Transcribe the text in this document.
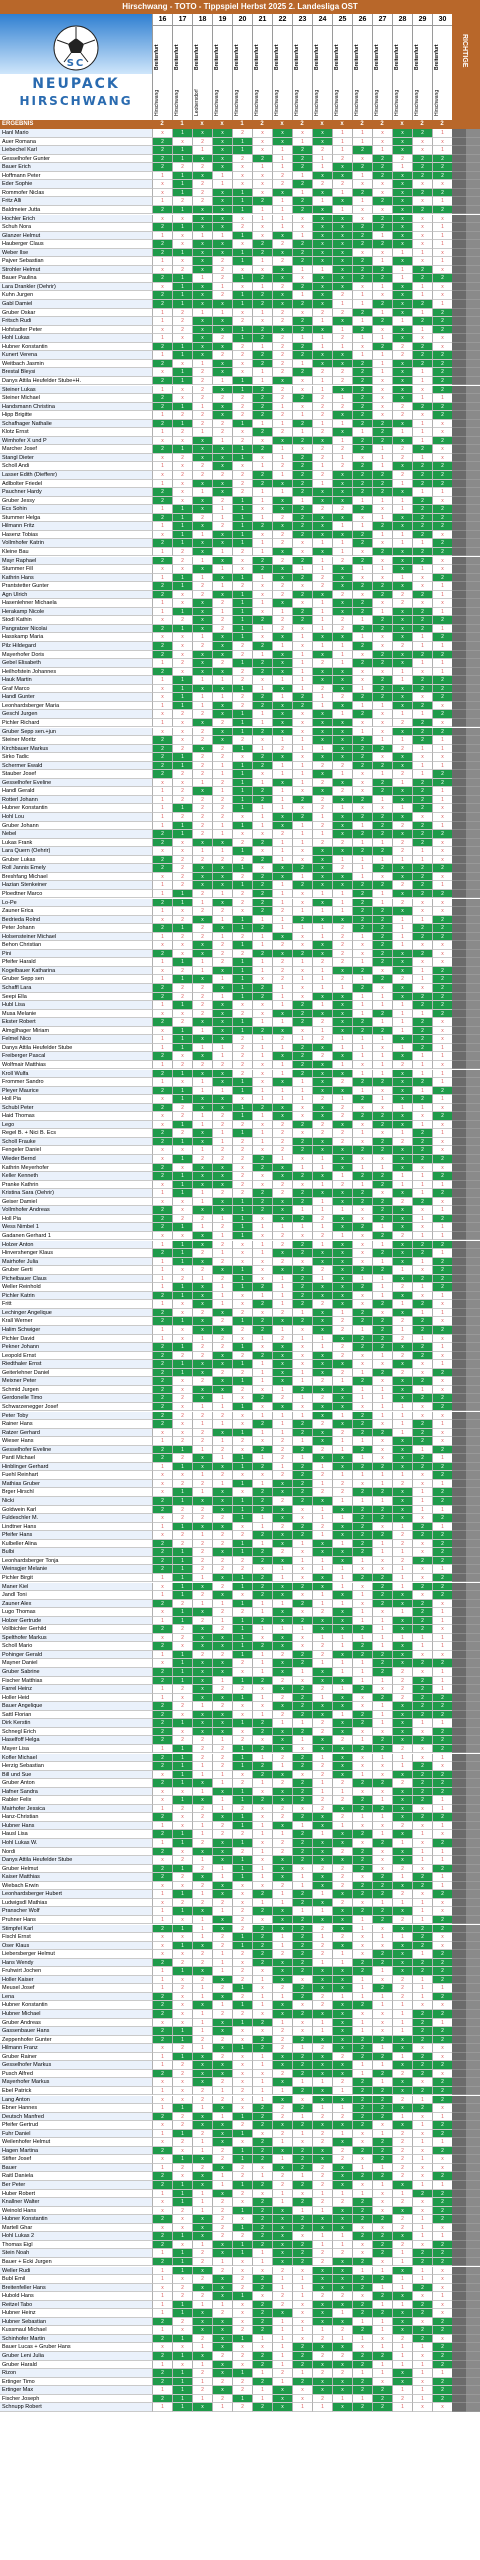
Hirschwang - TOTO - Tippspiel Herbst 2025 2. Landesliga OST
SC
NEUPACK
HIRSCHWANG
16
Breitenfurt
Hirschwang
17
Breitenfurt
Hirschwang
18
Breitenfurt
Leobersdorf
19
Breitenfurt
Hirschwang
20
Breitenfurt
Hirschwang
21
Breitenfurt
Hirschwang
22
Breitenfurt
Hirschwang
23
Breitenfurt
Hirschwang
24
Breitenfurt
Hirschwang
25
Breitenfurt
Hirschwang
26
Breitenfurt
Hirschwang
27
Breitenfurt
Hirschwang
28
Breitenfurt
Hirschwang
29
Breitenfurt
Hirschwang
30
Breitenfurt
Hirschwang
RICHTIGE
ERGEBNIS	2	1	x	x	1	2	x	2	x	x	2	2	x	2	2
Hanl Mario	x	1	x	x	2	x	x	x	x	1	1	x	x	2	1
Auer Romana	2	x	2	x	1	x	x	1	x	1	1	x	x	x	x
Liebechel Karl	2	1	1	x	1	x	1	2	2	1	2	1	x	x	1
Gesselhofer Gunter	2	1	x	x	2	2	1	2	1	2	x	2	2	2	2
Bauer Erich	2	2	2	x	x	1	1	2	1	x	2	2	1	2	2
Hoffmann Peter	1	1	x	1	x	x	2	1	x	x	1	2	x	2	2
Eder Sophie	x	1	2	1	x	x	2	2	2	2	x	x	x	x	x
Rommofer Niclas	x	1	2	x	1	x	x	1	x	1	2	x	x	2	2
Fritz Alli	1	2	2	x	1	2	1	2	1	x	1	2	x	x	1
Baldmeier Jutta	2	1	x	x	1	1	1	2	x	1	x	x	x	2	2
Hochler Erich	x	x	x	x	x	1	1	x	x	x	x	2	x	x	x
Schuh Nora	2	1	x	x	2	x	1	x	x	x	2	2	x	x	1
Glanzer Helmut	1	x	1	1	1	x	x	1	x	x	2	1	x	x	1
Hauberger Claus	2	x	x	x	x	2	2	2	x	x	2	2	x	x	1
Weber Ilse	2	1	x	x	1	2	x	2	x	x	x	x	1	1	x
Pajver Sebastian	1	x	x	2	1	1	2	2	x	x	2	1	x	x	1
Strohler Helmut	x	2	x	2	x	x	x	1	1	x	2	2	1	2	x
Bauer Paulina	2	1	1	2	1	2	x	x	x	x	2	2	1	2	2
Lara Drankler (Oehrir)	x	1	x	1	x	1	2	2	x	x	x	1	x	1	x
Kuhn Jurgen	2	1	x	2	1	2	x	1	x	2	1	x	x	1	x
Gabl Damiel	2	1	x	x	1	2	x	2	x	1	1	2	x	2	1
Gruber Oskar	1	2	1	1	x	1	2	x	2	2	2	1	x	1	2
Fritsch Rudi	1	2	x	x	2	x	2	2	1	x	1	2	1	2	2
Hofstadter Peter	x	2	x	x	1	2	x	2	x	1	2	x	x	1	2
Hohl Lukas	1	x	x	2	1	2	2	1	1	2	1	1	x	x	x
Hubner Konstantin	2	1	x	x	2	1	2	2	1	1	x	2	2	2	x
Kunert Verena	1	1	x	2	2	2	2	2	x	x	1	1	2	2	2
Weitbach Jasmin	2	x	1	x	x	2	2	1	x	x	2	1	x	2	2
Brestal Bleysi	x	1	2	x	x	1	2	2	2	2	2	1	x	1	2
Danys Attila Heufelder Stube+H.	2	1	2	1	1	1	x	x	1	2	2	x	x	1	2
Steiner Lukas	1	x	2	x	1	2	2	x	1	x	2	x	x	x	2
Steiner Michael	2	x	2	2	2	2	2	2	2	1	2	x	x	1	1
Handsmann Christina	2	1	1	x	2	2	1	x	2	2	2	x	2	2	2
Hipp Brigitte	1	2	2	x	2	2	2	1	2	x	2	x	2	x	2
Schafhager Nathalie	2	1	2	2	1	1	1	2	1	1	2	2	x	1	x
Klotz Ernst	1	2	1	2	x	2	2	1	2	x	1	2	1	1	x
Wimhofer X und P	x	x	x	1	2	x	x	2	x	1	2	2	x	1	2
Marcher Josef	2	1	x	x	1	2	1	x	2	2	2	1	2	2	x
Stangl Dieter	x	2	x	x	1	x	1	2	2	1	x	1	2	1	x
Scholl Andi	1	x	2	x	x	1	2	2	1	2	2	1	x	2	2
Lasser Edith (Dieffenr)	x	2	2	2	2	2	1	2	2	x	2	2	2	2	2
Adlbolter Friedel	1	x	x	x	2	2	x	2	1	x	2	2	1	2	2
Pauchner Hardy	2	x	1	x	2	1	1	2	x	x	2	2	x	1	1
Gruber Jessy	2	x	x	2	1	1	x	1	x	x	1	1	1	2	x
Ecs Sohin	1	1	x	1	1	x	x	2	2	2	2	x	1	2	2
Stummer Helga	2	1	2	1	1	1	2	2	x	x	x	1	x	2	2
Hilmann Fritz	1	1	x	2	1	2	x	2	x	1	1	2	x	2	2
Hasenz Tobias	x	1	1	x	1	x	2	2	x	x	2	1	1	2	x
Vollmhofer Katrin	2	1	x	x	1	1	2	x	1	1	2	x	1	1	2
Kleine Bau	1	2	x	1	2	1	x	x	x	1	x	2	x	2	2
Mayr Raphael	2	2	1	x	x	2	2	2	1	2	2	x	x	2	x
Stummer Fill	x	x	x	1	x	2	x	1	1	x	1	1	x	1	x
Kathrin Hans	1	1	1	x	1	1	x	2	2	x	x	x	1	x	2
Prantstetter Gunter	2	1	2	1	2	x	2	x	2	x	2	2	x	x	1
Agn Ulrich	2	x	2	x	1	x	2	2	x	2	x	2	2	2	1
Hasenlehner Michaela	1	x	x	2	1	1	x	x	1	x	2	x	2	x	x
Herakamp Nicole	1	1	x	1	1	x	1	2	1	x	2	1	x	2	1
Stodl Kathin	x	2	x	2	1	2	2	2	1	2	1	2	x	2	2
Pangratzer Nicolai	2	1	x	2	1	1	2	x	1	2	2	2	x	2	1
Hasskamp Maria	x	x	1	x	1	x	x	1	x	x	1	x	x	1	2
Pilz Hildegard	2	x	2	x	2	2	1	x	1	1	2	x	2	1	1
Mayerhofer Doris	2	x	x	x	2	1	x	1	x	1	x	2	x	2	2
Gebel Elisabeth	1	2	x	2	1	2	x	1	2	1	2	2	x	1	1
Heilhofstein Johannes	2	x	x	x	2	2	x	1	x	x	x	x	1	x	1
Hauk Martin	1	1	1	1	2	x	1	1	x	x	x	2	1	2	2
Graf Marco	x	1	x	x	1	1	x	1	2	x	1	2	x	2	2
Handl Gunter	x	1	1	1	2	2	1	2	1	2	2	2	x	x	2
Leonhardsberger Maria	1	1	1	x	2	2	x	2	1	x	1	1	x	2	x
Geschl Jurgen	x	2	2	x	1	1	x	x	x	1	2	x	1	1	2
Pichler Richard	1	x	x	2	1	1	x	x	x	x	x	x	2	2	x
Gruber Sepp sen.+jun	x	x	2	x	1	2	x	x	x	x	1	x	x	2	2
Steiner Moritz	2	x	2	x	2	x	1	1	x	x	2	1	1	2	1
Kirchbauer Markus	2	2	x	2	1	1	2	1	1	x	2	2	2	1	1
Sirko Tadic	2	1	2	2	x	2	x	x	x	x	2	x	x	x	x
Schermer Ewald	2	1	2	1	1	2	1	1	2	2	2	2	x	1	1
Stauber Josef	2	2	2	1	1	x	1	1	x	1	x	1	2	1	2
Gesselhofer Eveline	x	x	1	2	1	1	x	1	2	x	x	2	1	2	2
Handl Gerald	1	2	x	1	1	2	1	x	x	2	x	2	x	2	1
Rotterl Johann	1	2	2	2	1	2	1	2	2	x	2	1	x	2	1
Hubner Konstantin	1	1	2	2	1	1	1	x	2	1	x	x	1	2	x
Hohl Lou	1	2	2	2	x	1	x	2	1	x	2	2	x	x	x
Gruber Johann	1	1	2	1	1	1	x	1	2	x	1	2	2	2	1
Nebel	2	1	2	1	x	x	2	1	1	x	2	2	x	2	2
Lukas Frank	2	x	x	x	2	2	1	1	2	2	1	1	2	2	x
Lara Quern (Oehrir)	x	x	1	1	1	x	1	x	x	x	2	2	2	1	x
Gruber Lukas	2	2	2	2	2	2	1	x	x	1	1	1	1	1	x
Roll Jannis Emely	2	2	x	x	1	x	x	2	x	2	1	2	x	2	2
Breshfang Michael	x	2	x	x	2	2	x	1	x	x	1	x	x	2	x
Hazian Stenkeiner	1	2	x	x	1	2	1	2	x	x	2	2	2	2	1
Ploedtner Marco	1	1	2	1	2	2	1	x	1	1	2	1	x	2	2
Lo-Pe	2	1	1	x	2	2	1	x	x	1	2	1	2	x	x
Zauner Erica	1	x	2	2	x	2	2	1	1	1	2	2	x	x	x
Bedrieda Rolnd	x	2	x	1	1	1	1	2	x	x	2	2	1	1	2
Peter Johann	2	1	2	x	1	2	1	1	1	2	2	2	1	2	2
Holsensteiner Michael	1	2	2	1	2	1	x	x	1	2	1	2	1	2	2
Behon Christian	x	x	x	2	1	1	2	x	x	2	x	2	1	x	x
Pini	2	x	x	2	2	2	x	2	x	2	x	2	x	2	x
Pfeifer Harald	1	1	1	2	1	1	2	1	2	2	1	2	x	x	x
Kogelbauer Katharina	x	2	1	x	1	1	2	x	1	x	2	x	x	1	2
Gruber Sepp sen	1	1	x	1	1	x	2	1	1	2	1	2	2	1	2
Schaffl Lara	2	2	2	x	1	2	1	x	1	1	2	x	x	x	2
Seepi Ella	2	2	2	1	1	2	1	x	x	x	1	1	x	2	2
Hubl Lisa	1	1	2	x	x	x	1	2	1	x	1	1	1	2	2
Musa Melanie	x	x	2	x	2	x	x	2	x	x	1	2	1	1	2
Ekster Robert	2	2	x	x	1	1	1	2	2	x	2	1	1	2	x
Almgjlhager Miriam	x	1	1	x	1	2	x	x	1	x	2	2	1	2	x
Felmel Nico	1	1	x	x	2	1	2	1	2	1	1	1	x	2	x
Danys Attila Heufelder Stube	1	1	1	1	2	1	1	2	x	1	1	x	1	2	1
Freiberger Pascal	2	x	x	1	2	1	x	2	2	x	1	1	x	1	1
Wolfmair Matthias	1	2	2	2	2	x	1	2	x	1	x	1	2	1	x
Kroll Wulfa	2	1	x	x	2	x	1	2	x	x	1	1	x	1	1
Frommer Sandro	1	x	1	x	1	x	x	1	x	2	2	2	x	2	1
Pleyer Maurice	2	1	1	1	1	1	1	1	x	x	1	x	x	1	2
Holl Pia	x	1	x	x	x	1	1	1	2	1	2	1	x	2	1
Schubl Peter	2	2	x	x	1	2	x	x	x	2	x	x	1	1	x
Haid Thomas	x	2	1	2	1	1	x	x	x	2	2	2	x	x	2
Lego	x	1	1	2	2	x	2	2	2	x	x	2	x	1	x
Regel B. + Nici B. Ecs	2	2	x	1	1	1	2	x	2	2	1	x	1	2	1
Scholl Frauke	2	1	x	1	2	1	2	2	x	2	x	2	2	2	x
Fengeler Daniel	x	x	1	2	2	x	2	2	x	x	2	2	x	2	x
Wieder Bernd	x	1	2	2	2	2	1	x	1	x	x	x	x	2	2
Kathrin Meyerhofer	2	x	x	x	x	2	x	1	1	x	1	1	x	x	x
Keller Kenneth	2	1	x	x	2	x	x	2	x	1	2	2	1	1	2
Pranke Kathrin	x	1	x	x	2	x	2	x	1	2	1	2	1	1	1
Kristina Sara (Oehrir)	1	1	1	2	2	2	2	2	x	x	2	x	x	1	2
Geiser Damiel	x	x	1	x	1	2	x	2	1	x	2	2	2	2	x
Vollmhofer Andreas	2	x	x	x	1	2	x	1	1	1	x	2	x	x	1
Holl Pia	2	2	2	1	1	x	x	2	2	x	x	2	x	1	2
Wess Nimbel 1	2	1	1	2	1	1	1	1	1	x	2	1	x	x	1
Gadanen Gerhard 1	x	x	x	1	1	x	2	x	2	1	x	2	2	1	1
Holzer Anton	1	1	x	2	x	1	2	2	1	x	x	1	x	2	2
Hinvershenger Klaus	2	1	2	1	x	1	x	2	x	x	x	2	x	2	1
Mairhofer Julia	1	1	x	2	x	x	2	x	x	x	x	1	x	1	2
Gruber Gerti	1	x	2	x	1	x	x	2	2	x	2	2	1	x	2
Pichelbauer Claus	1	2	1	2	1	x	1	2	1	x	1	1	x	2	2
Weller Reinhold	1	1	x	1	1	2	1	2	x	x	2	1	2	1	2
Pichler Katrin	2	1	x	1	x	1	1	2	x	x	x	1	x	x	1
Fritt	1	x	x	1	x	2	1	2	2	x	x	2	1	2	x
Lechinger Angelique	2	x	2	x	2	x	2	1	x	1	2	x	x	1	1
Krall Werner	2	1	x	2	1	2	x	2	x	2	2	2	2	2	x
Halim Schwiger	1	x	x	x	2	2	1	x	x	2	1	2	1	2	2
Pichler David	1	x	1	2	x	1	2	1	1	x	2	2	2	1	x
Pekner Johann	2	1	2	2	1	x	x	x	1	2	2	2	x	2	1
Leopold Ernst	2	2	2	x	2	2	x	x	x	2	x	1	2	2	x
Riedthaler Ernst	2	1	x	x	1	1	x	x	x	x	x	x	x	x	1
Geiterlehner Daniel	2	1	x	2	2	1	x	1	x	2	1	2	2	x	2
Meixner Peter	2	x	2	x	1	1	x	1	2	1	2	x	x	2	x
Schmid Jurgen	2	x	x	x	2	x	1	2	x	x	1	1	x	1	x
Gerdonelle Timo	2	2	x	1	x	2	2	1	2	x	1	1	x	2	2
Schwarzenegger Josef	2	x	1	1	1	x	x	x	x	x	x	1	1	x	2
Peter Toby	2	2	2	2	x	1	1	1	x	1	2	1	1	x	x
Rainer Hans	2	x	1	1	x	2	1	2	2	x	2	x	1	2	1
Ratzer Gerhard	x	x	2	x	1	1	1	2	x	2	2	2	1	2	x
Wieser Hans	1	2	2	1	2	x	2	1	x	1	1	x	x	2	x
Gesselhofer Eveline	2	1	1	2	x	2	2	2	2	1	2	x	x	1	2
Pantl Michael	2	2	x	1	1	1	2	1	x	x	1	x	x	2	1
Hinblinger Gerhard	1	1	x	x	1	2	1	2	1	x	2	2	x	2	2
Fuehl Reinhart	x	x	1	2	x	x	2	2	2	1	1	1	1	x	2
Mathias Gruber	x	2	2	1	1	1	x	2	1	2	x	1	2	x	1
Brger Hirschl	x	1	1	x	x	2	x	2	2	2	2	2	x	1	2
Nicki	2	1	x	x	1	2	2	2	x	1	1	1	x	1	2
Goldwein Karl	2	2	2	x	1	2	x	x	1	x	2	2	x	1	1
Fuldeschler M.	x	2	2	2	1	1	x	x	1	1	2	2	x	x	2
Lindtner Hans	1	1	x	x	x	1	2	2	2	x	2	x	1	2	1
Pfeifer Hans	x	2	1	2	2	2	x	2	1	x	2	2	2	2	2
Kulbeller Alina	2	2	2	2	1	1	x	1	x	1	2	1	2	x	2
Bulbi	2	1	2	x	1	2	2	x	x	x	2	1	1	x	2
Leonhardsberger Tonja	2	1	2	2	2	2	x	1	1	x	1	x	2	2	2
Weinsgjer Melanie	2	1	2	2	2	x	1	x	1	1	x	x	1	x	1
Pichler Birgit	1	1	1	x	1	2	1	x	x	1	2	2	1	x	2
Maner Kiel	x	1	x	2	1	2	x	2	x	1	x	2	1	2	2
Jandl Toni	1	1	2	x	x	2	x	x	1	x	1	2	x	x	2
Zauner Alex	2	2	1	1	1	1	1	2	1	1	x	2	x	2	x
Lugo Thomas	x	1	x	2	2	1	x	x	2	x	1	x	1	2	1
Holzer Gertrude	1	1	2	1	1	2	x	2	x	x	1	1	x	2	1
Vollbichler Gerhild	2	2	x	2	1	1	1	1	x	x	2	1	x	2	x
Spelthofer Markus	x	2	x	x	1	x	x	x	1	1	1	1	1	1	1
Scholl Mario	2	x	x	x	1	2	x	x	2	1	2	1	x	1	1
Pohinger Gerald	1	1	2	2	1	1	2	2	2	x	2	2	x	x	x
Mayner Daniel	x	1	x	x	2	1	x	2	1	1	1	2	x	2	2
Gruber Sabrine	2	1	x	x	x	1	x	1	x	1	1	2	2	x	1
Fischer Matthias	2	1	x	1	1	2	2	x	x	x	1	1	2	2	1
Farrel Heinz	1	2	x	2	2	x	x	2	2	1	2	x	2	2	1
Holler Heid	1	x	x	x	1	1	2	2	1	x	x	2	2	2	2
Bauer Angelique	2	2	1	2	x	x	x	2	x	x	x	1	x	2	2
Sattl Florian	2	x	x	x	x	1	2	2	x	1	2	1	x	2	2
Dirk Kerstin	2	1	x	x	1	2	1	1	2	x	2	1	x	1	1
Schnegl Erich	2	x	x	x	x	2	x	2	2	x	x	x	x	x	2
Haselfoff Helga	2	2	2	1	2	x	x	1	x	2	1	2	x	2	2
Mayer Lisa	1	1	2	2	1	2	x	x	x	x	2	2	2	x	2
Kofler Michael	2	1	2	2	1	1	2	2	1	x	x	1	1	x	1
Herzig Sebastian	2	1	1	2	1	2	1	2	2	x	x	x	1	2	x
Bill und Sue	x	1	1	1	x	2	x	x	2	x	1	x	x	2	2
Gruber Anton	2	1	x	1	2	1	2	2	1	2	2	2	2	2	2
Hafner Sandra	x	x	1	x	1	x	x	2	1	1	x	x	x	2	2
Rabler Felix	x	1	x	1	1	2	x	2	2	2	2	1	x	2	1
Mairhofer Jessica	1	2	2	1	2	x	2	x	2	x	2	2	x	x	1
Hanz-Christian	2	x	2	x	1	x	2	2	x	2	1	1	x	2	2
Hubner Hans	1	x	1	2	1	1	x	1	x	1	x	x	2	x	1
Hausl Lisa	2	1	1	2	2	1	1	2	1	x	2	1	x	1	x
Hohl Lukas W.	1	1	2	x	1	x	2	2	x	x	x	2	1	x	2
Nordi	2	x	x	x	2	1	2	2	x	2	2	x	x	1	1
Danys Attila Heufelder Stube	x	2	1	x	1	x	x	2	x	x	2	x	x	1	1
Gruber Helmut	2	1	2	1	1	1	x	x	2	2	2	x	2	x	2
Kaiser Matthias	2	2	x	1	1	1	x	1	x	2	x	2	1	2	1
Wiebach Erwin	x	x	2	x	x	x	2	1	x	2	2	2	x	2	1
Leonhardsberger Hubert	1	1	1	x	x	2	1	2	1	x	2	2	2	x	2
Ludwigsdl Mathias	x	2	2	2	x	1	1	2	x	2	x	1	1	1	x
Pranscher Wolf	1	1	x	1	2	2	x	1	1	x	2	2	x	1	x
Pruhner Hans	1	x	1	x	2	x	x	2	x	x	1	2	2	1	2
Stimpfel Karl	2	1	1	x	2	2	x	2	2	x	1	x	x	2	2
Fischl Ernst	x	x	1	2	1	2	1	2	1	2	x	1	1	2	x
Oser Klaus	x	1	x	2	1	2	1	2	2	x	x	x	x	2	x
Liebersberger Helmut	x	x	2	1	2	2	2	2	2	1	x	2	x	1	2
Hans Wendy	2	2	2	1	x	2	x	2	1	1	2	2	x	2	2
Fruhwirt Jochen	1	1	x	1	2	x	x	2	x	x	2	1	x	2	2
Holler Kaiser	1	x	2	x	2	1	x	x	x	x	1	x	2	1	2
Meusel Josef	1	2	1	2	1	x	2	2	x	x	1	2	2	1	1
Lena	2	x	1	x	2	1	1	2	2	1	1	1	2	1	2
Hubner Konstantin	2	x	x	1	1	1	x	x	2	x	2	1	1	x	x
Hubner Michael	2	x	1	2	2	x	x	2	x	x	x	x	1	2	2
Gruber Andreas	x	x	1	x	1	2	1	x	1	x	1	x	1	2	1
Gassenbauer Hans	2	1	1	x	x	x	2	x	1	x	1	x	1	2	2
Zeppenhofer Gunter	2	1	2	2	x	2	2	2	x	x	2	2	x	2	2
Hilmann Franz	x	2	1	x	1	2	2	1	2	x	2	1	x	x	x
Gruber Rainer	1	1	x	2	x	1	x	2	x	2	2	2	1	2	x
Gesselhofer Markus	1	2	x	x	x	1	x	2	x	x	1	1	x	2	2
Pusch Alfred	2	2	x	x	x	x	2	2	x	x	1	2	2	2	x
Mayerhofer Markus	x	x	x	2	x	1	x	1	1	2	2	1	x	x	2
Ebel Patrick	1	x	2	1	2	1	1	2	x	1	2	2	x	2	2
Lang Anton	x	x	2	2	x	1	x	x	x	x	2	2	2	1	2
Ebner Hannes	1	1	1	x	x	2	2	2	1	1	2	2	x	2	x
Deutsch Manfred	2	2	x	1	1	2	2	1	2	2	2	2	1	x	1
Pfeifer Gertrud	x	2	x	x	2	2	x	2	x	x	2	x	x	1	2
Fuhr Daniel	1	1	2	x	1	x	2	1	2	1	x	1	2	x	2
Weilenhofer Helmut	x	2	1	x	x	2	1	x	2	x	x	2	2	1	1
Hagen Martina	2	x	1	2	1	2	x	2	x	2	2	2	2	x	2
Stifter Josef	x	1	x	2	1	2	1	2	x	2	x	2	2	1	x
Bauer	1	2	2	x	2	x	x	2	2	x	1	1	2	x	x
Raitl Daniela	2	x	x	1	2	1	2	1	2	x	2	2	2	x	2
Ber Peter	2	1	x	1	1	2	2	2	2	x	x	1	x	1	1
Huber Robert	1	1	1	x	2	x	1	x	1	1	1	x	1	2	2
Knallner Walter	x	1	1	2	x	2	1	2	2	2	2	x	2	x	2
Weinold Hans	x	2	1	2	1	2	x	1	1	x	2	x	x	x	2
Hubner Konstantin	2	x	x	2	x	2	x	2	x	x	2	2	2	1	2
Martell Ghar	x	x	x	2	1	2	x	2	x	x	x	x	2	1	x
Hohl Lukas 2	2	1	x	2	2	2	x	x	1	1	2	2	x	1	1
Thomas Eigl	2	x	1	x	1	2	x	2	1	1	x	2	2	x	2
Stein Noah	1	1	2	x	1	1	x	2	2	2	x	2	1	2	2
Bauer + Ecki Jurgen	2	1	2	1	x	1	x	2	2	x	2	x	1	2	2
Weller Rudi	1	1	x	2	x	x	2	x	x	x	1	1	x	1	x
Bubl Emil	1	x	2	x	2	2	1	1	x	x	2	2	1	1	x
Breitenfeller Hans	x	2	x	x	2	2	1	1	x	x	2	1	1	2	x
Hubold Hans	1	2	2	x	1	x	2	1	2	2	x	2	x	x	1
Reitzel Tabo	1	1	1	1	x	2	2	x	x	x	2	1	1	2	x
Hubner Heinz	1	1	x	2	x	2	x	x	x	1	2	2	x	2	x
Hubner Sebastian	2	2	x	x	x	2	1	x	x	x	1	1	x	x	2
Kussmaul Michael	1	x	x	x	2	2	1	1	1	2	2	1	x	2	2
Schinhofer Martin	2	1	2	x	1	1	1	x	2	1	1	x	2	2	x
Bauer Lucas + Gruber Hans	x	x	1	x	x	x	1	2	x	x	x	1	1	1	2
Gruber Leni Julia	2	1	x	2	2	2	1	2	2	2	2	2	1	x	2
Gruber Harald	1	x	1	x	x	2	1	2	x	x	2	1	1	1	2
Rizon	2	1	2	x	1	1	2	1	2	2	1	1	x	1	1
Ertinger Timo	2	1	1	2	2	2	1	2	x	x	2	x	x	x	2
Ertinger Max	1	1	2	x	2	1	x	x	x	x	2	2	1	1	2
Fischer Joseph	2	1	1	2	1	1	x	x	2	1	1	2	2	1	2
Schnupp Robert	1	1	x	1	2	2	x	1	1	x	2	2	1	x	x
